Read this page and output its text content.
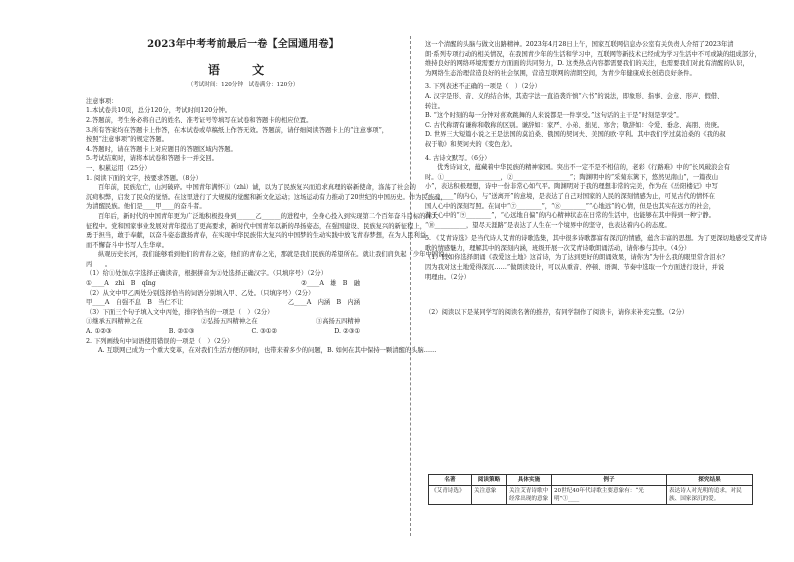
2023年中考考前最后一卷【全国通用卷】

语 文

（考试时间：120分钟　试卷满分：120分）

注意事项：

1.本试卷共10页，总分120分，考试时间120分钟。

2.答题前，考生务必将自己的姓名、准考证号等填写在试卷和答题卡的相应位置。

3.所有答案均在答题卡上作答，在本试卷或草稿纸上作答无效。答题前，请仔细阅读答题卡上的“注意事项”，

按照“注意事项”的规定答题。

4.答题时，请在答题卡上对应题目的答题区域内答题。

5.考试结束时，请将本试卷和答题卡一并交回。

一、积累运用（25分）

1. 阅读下面的文字，按要求答题。（8分）

百年前，民族危亡，山河破碎。中国青年满怀①（zhì）诚，以为了民族复兴而追求真理的崭新使命，涤荡了社会的

沉疴积弊，启发了民众的觉悟。在这里进行了大规模的觉醒和新文化运动；这场运动有力推动了20世纪的中国历史。作为民族魂，

为清醒民族。他们是____甲____的奋斗者。

百年后，新时代的中国青年更为广泛地积极投身到______乙______的进程中，全身心投入到实现第二个百年奋斗目标的伟大

征程中。党和国家事业发展对青年提出了更高要求，新时代中国青年以新的昂扬姿态，在强国建设、民族复兴的新征程上，

勇于担当，敢于奉献，以奋斗姿态激扬青春，在实现中华民族伟大复兴的中国梦的生动实践中放飞青春梦想，在为人民利益

而不懈奋斗中书写人生华章。

纵观历史长河，我们能够看到他们的青春之姿，他们的青春之光，那就是我们民族的希望所在。就让我们肩负起「少年中国说」，

丙　　。

（1）给①处加点字选择正确读音，根据拼音为②处选择正确汉字。（只填序号）（2分）

①____A　zhì　B　qǐng	②____A　雄　B　融

（2）从文中甲乙两处分别选择恰当的词语分别填入甲、乙处。（只填序号）（2分）

甲____A　自强不息　B　当仁不让	乙____A　内涵　B　内涵

（3）下面三个句子填入文中丙处，排序恰当的一项是（　）（2分）

①继承五四精神之在	②弘扬五四精神之在	③高扬五四精神
A. ①②③	B. ②①③	C. ③①②	D. ②③①

2. 下列画线句中词语使用错误的一项是（　）（2分）

A. 互联网已成为一个重大变革，在对我们生活方便的同时，也带来着多少的问题，B. 如何在其中保持一颗清醒的头脑……

这一个清醒的头脑与做文出路精神。2023年4月28日上午，国家互联网信息办公室有关负责人介绍了2023年清

朗·系列专项行动的相关情况，在我国青少年的生活和学习中，互联网等新技术已经成为学习生活中不可或缺的组成部分，

维持良好的网络环境需要方方面面的共同努力，D. 这类热点内容都需要我们的关注，也需要我们对此有清醒的认识，

为网络生态治理营造良好的社会氛围，营造互联网的清朗空间，为青少年健康成长创造良好条件。

3. 下列表述不正确的一项是（　）（2分）

A. 汉字是形、音、义的结合体，其造字法一直沿袭许慎“六书”的说法，即象形、指事、会意、形声、假借、

转注。

B. “这个时刻的每一分钟对喜欢跳舞的人来说都是一件享受。”这句话的主干是“时刻是享受”。

C. 古代称谓有谦称和敬称的区别。谦辞如：家严、小弟、拙见、寒舍；敬辞如：令爱、垂念、高朋、贵庚。

D. 世界三大短篇小说之王是法国的莫泊桑、俄国的契诃夫、美国的欧·亨利。其中我们学过莫泊桑的《我的叔

叔于勒》和契诃夫的《变色龙》。

4. 古诗文默写。（6分）

优秀诗词文，蕴藏着中华民族的精神家园。突出不一定不是不相信的，老彩《行路难》中的“长风破浪会有

时。①__________________，②__________________”；陶渊明中的“采菊东篱下，悠然见南山”，一篇夜山

小”，表达积极理想，诗中一份非常心如气平。陶渊明对于我的理想非常的完美，作为在《岳阳楼记》中写

“________”的内心，与“送离开”的意境，是表达了自己对国家的人民的深刻情感为止，可见古代的情怀在

国人心中的深刻写照。在词中“⑦________”，“⑧________”“心地远”的心情，但是也其实在远方的社会，

游子心中的“⑨________”，“心远地自偏”的内心精神状态在日常的生活中，也能够在其中得到一种宁静。

“⑩__________，望尽天涯路”是表达了人生在一个境界中的坚守，也表达着内心的态度。

5. 《艾青诗选》是当代诗人艾青的诗歌选集，其中很多诗歌都富有深沉的情感，蕴含丰富的思想。为了更深切地感受艾青诗

歌的情感魅力，理解其中的深刻内涵，班级开展一次艾青诗歌朗诵活动，请你参与其中。（4分）

（1）假如你选择朗诵《我爱这土地》这首诗，为了达到更好的朗诵效果，请你为“为什么我的眼里常含泪水？

因为我对这土地爱得深沉……”做朗读设计，可以从重音、停顿、语调、节奏中选取一个方面进行设计，并说

明理由。（2分）

（2）阅读以下是某同学写的阅读名著的推荐，有同学制作了阅读卡，请你来补充完整。（2分）

名著	阅读策略	具体实施	例子	探究结果
《艾青诗选》	关注意象	关注艾青诗歌中经常出现的意象	20世纪40年代诗歌主要意象有：“光明”①____	表达诗人对光明的追求，对民族、国家深沉的爱。
